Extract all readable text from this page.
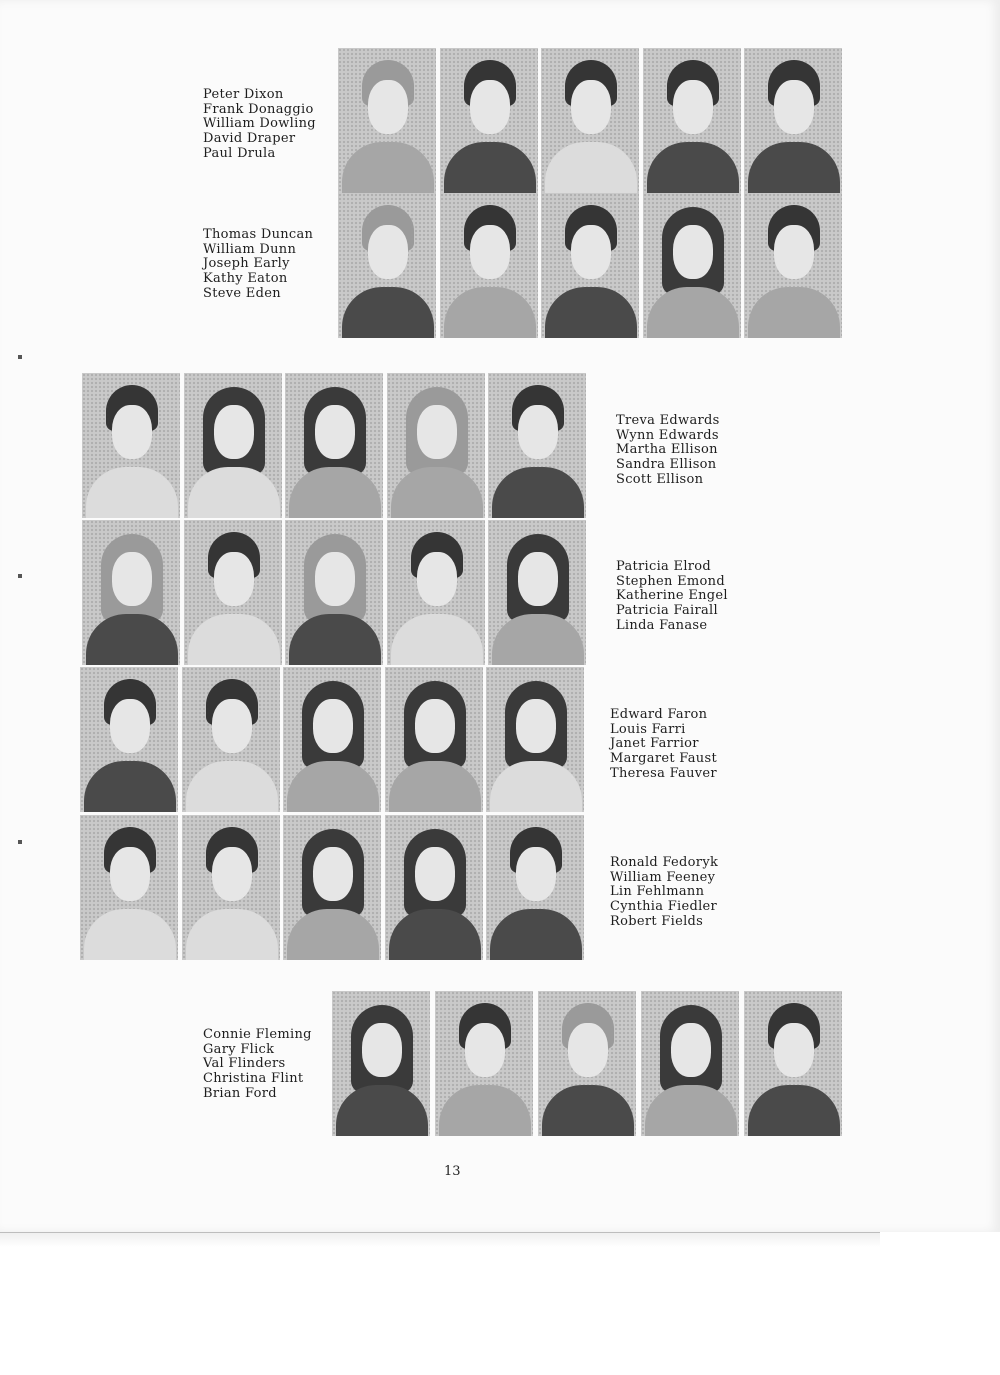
Peter Dixon
Frank Donaggio
William Dowling
David Draper
Paul Drula
Thomas Duncan
William Dunn
Joseph Early
Kathy Eaton
Steve Eden
Treva Edwards
Wynn Edwards
Martha Ellison
Sandra Ellison
Scott Ellison
Patricia Elrod
Stephen Emond
Katherine Engel
Patricia Fairall
Linda Fanase
Edward Faron
Louis Farri
Janet Farrior
Margaret Faust
Theresa Fauver
Ronald Fedoryk
William Feeney
Lin Fehlmann
Cynthia Fiedler
Robert Fields
Connie Fleming
Gary Flick
Val Flinders
Christina Flint
Brian Ford
13
